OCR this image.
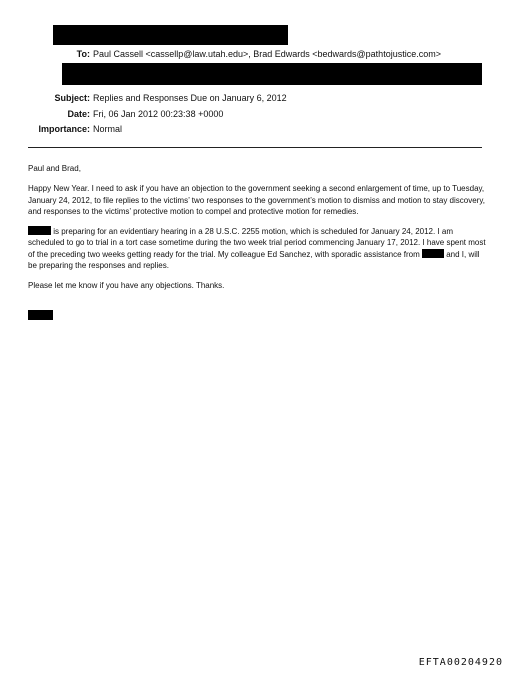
To: Paul Cassell <cassellp@law.utah.edu>, Brad Edwards <bedwards@pathtojustice.com>
Subject: Replies and Responses Due on January 6, 2012
Date: Fri, 06 Jan 2012 00:23:38 +0000
Importance: Normal

Paul and Brad,

Happy New Year. I need to ask if you have an objection to the government seeking a second enlargement of time, up to Tuesday, January 24, 2012, to file replies to the victims’ two responses to the government’s motion to dismiss and motion to stay discovery, and responses to the victims’ protective motion to compel and protective motion for remedies.

is preparing for an evidentiary hearing in a 28 U.S.C. 2255 motion, which is scheduled for January 24, 2012. I am scheduled to go to trial in a tort case sometime during the two week trial period commencing January 17, 2012. I have spent most of the preceding two weeks getting ready for the trial. My colleague Ed Sanchez, with sporadic assistance from	and I, will be preparing the responses and replies.

Please let me know if you have any objections. Thanks.

EFTA00204920
